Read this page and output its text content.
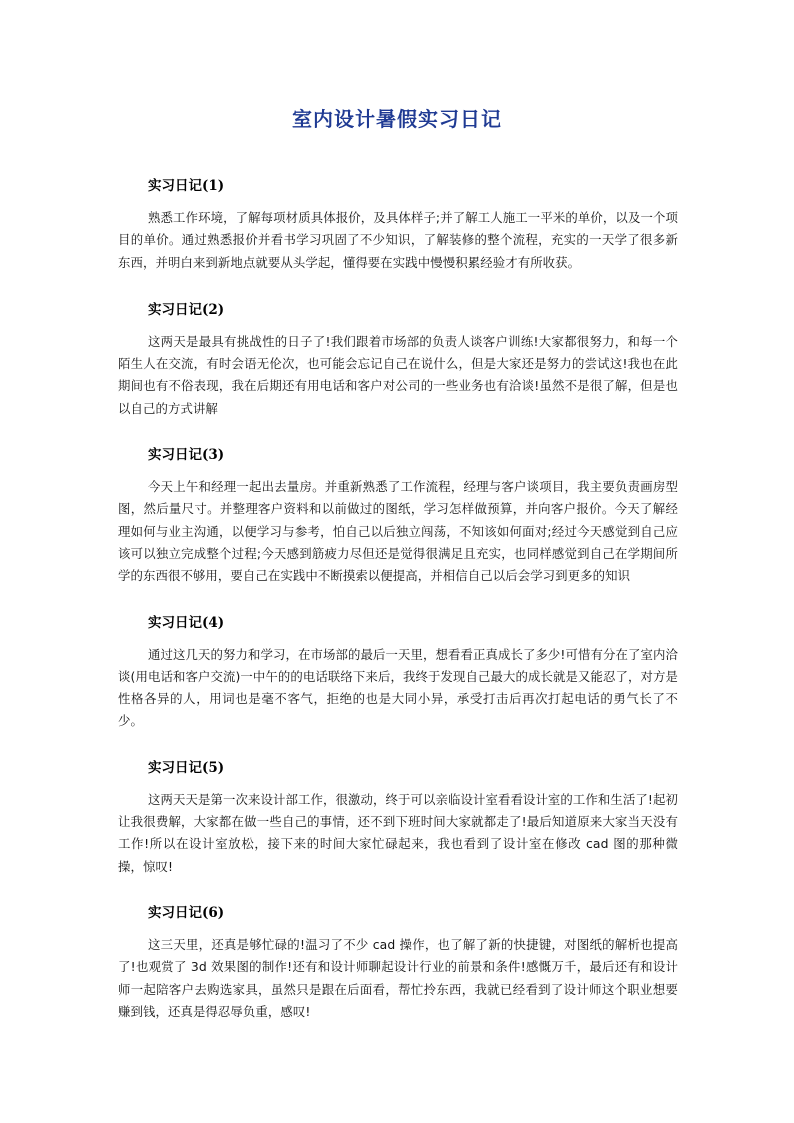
室内设计暑假实习日记
实习日记(1)

熟悉工作环境，了解每项材质具体报价，及具体样子;并了解工人施工一平米的单价，以及一个项目的单价。通过熟悉报价并看书学习巩固了不少知识，了解装修的整个流程，充实的一天学了很多新东西，并明白来到新地点就要从头学起，懂得要在实践中慢慢积累经验才有所收获。

实习日记(2)

这两天是最具有挑战性的日子了!我们跟着市场部的负责人谈客户训练!大家都很努力，和每一个陌生人在交流，有时会语无伦次，也可能会忘记自己在说什么，但是大家还是努力的尝试这!我也在此期间也有不俗表现，我在后期还有用电话和客户对公司的一些业务也有洽谈!虽然不是很了解，但是也以自己的方式讲解

实习日记(3)

今天上午和经理一起出去量房。并重新熟悉了工作流程，经理与客户谈项目，我主要负责画房型图，然后量尺寸。并整理客户资料和以前做过的图纸，学习怎样做预算，并向客户报价。今天了解经理如何与业主沟通，以便学习与参考，怕自己以后独立闯荡，不知该如何面对;经过今天感觉到自己应该可以独立完成整个过程;今天感到筋疲力尽但还是觉得很满足且充实，也同样感觉到自己在学期间所学的东西很不够用，要自己在实践中不断摸索以便提高，并相信自己以后会学习到更多的知识

实习日记(4)

通过这几天的努力和学习，在市场部的最后一天里，想看看正真成长了多少!可惜有分在了室内洽谈(用电话和客户交流)一中午的的电话联络下来后，我终于发现自己最大的成长就是又能忍了，对方是性格各异的人，用词也是毫不客气，拒绝的也是大同小异，承受打击后再次打起电话的勇气长了不少。

实习日记(5)

这两天天是第一次来设计部工作，很激动，终于可以亲临设计室看看设计室的工作和生活了!起初让我很费解，大家都在做一些自己的事情，还不到下班时间大家就都走了!最后知道原来大家当天没有工作!所以在设计室放松，接下来的时间大家忙碌起来，我也看到了设计室在修改 cad 图的那种微操，惊叹!

实习日记(6)

这三天里，还真是够忙碌的!温习了不少 cad 操作，也了解了新的快捷键，对图纸的解析也提高了!也观赏了 3d 效果图的制作!还有和设计师聊起设计行业的前景和条件!感慨万千，最后还有和设计师一起陪客户去购选家具，虽然只是跟在后面看，帮忙拎东西，我就已经看到了设计师这个职业想要赚到钱，还真是得忍辱负重，感叹!
